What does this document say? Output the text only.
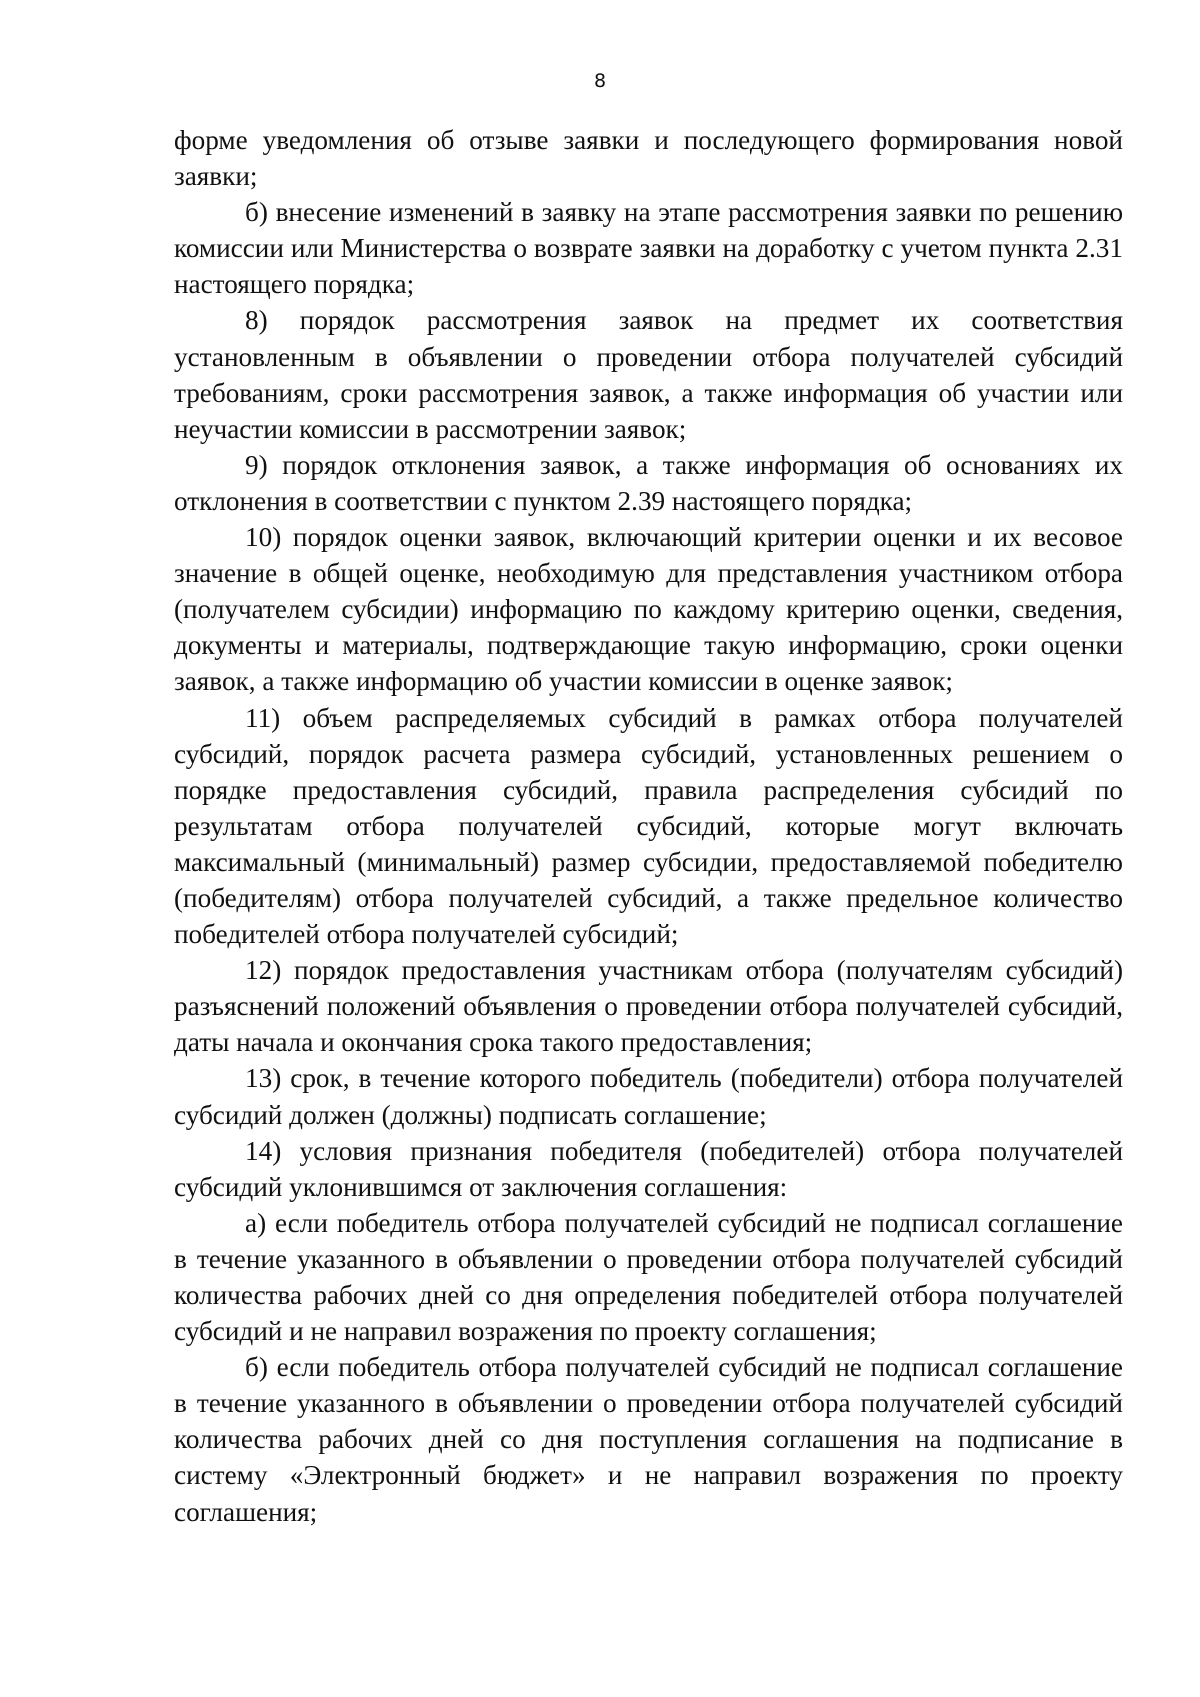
8

форме уведомления об отзыве заявки и последующего формирования новой заявки;

б) внесение изменений в заявку на этапе рассмотрения заявки по решению комиссии или Министерства о возврате заявки на доработку с учетом пункта 2.31 настоящего порядка;

8) порядок рассмотрения заявок на предмет их соответствия установленным в объявлении о проведении отбора получателей субсидий требованиям, сроки рассмотрения заявок, а также информация об участии или неучастии комиссии в рассмотрении заявок;

9) порядок отклонения заявок, а также информация об основаниях их отклонения в соответствии с пунктом 2.39 настоящего порядка;

10) порядок оценки заявок, включающий критерии оценки и их весовое значение в общей оценке, необходимую для представления участником отбора (получателем субсидии) информацию по каждому критерию оценки, сведения, документы и материалы, подтверждающие такую информацию, сроки оценки заявок, а также информацию об участии комиссии в оценке заявок;

11) объем распределяемых субсидий в рамках отбора получателей субсидий, порядок расчета размера субсидий, установленных решением о порядке предоставления субсидий, правила распределения субсидий по результатам отбора получателей субсидий, которые могут включать максимальный (минимальный) размер субсидии, предоставляемой победителю (победителям) отбора получателей субсидий, а также предельное количество победителей отбора получателей субсидий;

12) порядок предоставления участникам отбора (получателям субсидий) разъяснений положений объявления о проведении отбора получателей субсидий, даты начала и окончания срока такого предоставления;

13) срок, в течение которого победитель (победители) отбора получателей субсидий должен (должны) подписать соглашение;

14) условия признания победителя (победителей) отбора получателей субсидий уклонившимся от заключения соглашения:

а) если победитель отбора получателей субсидий не подписал соглашение в течение указанного в объявлении о проведении отбора получателей субсидий количества рабочих дней со дня определения победителей отбора получателей субсидий и не направил возражения по проекту соглашения;

б) если победитель отбора получателей субсидий не подписал соглашение в течение указанного в объявлении о проведении отбора получателей субсидий количества рабочих дней со дня поступления соглашения на подписание в систему «Электронный бюджет» и не направил возражения по проекту соглашения;
